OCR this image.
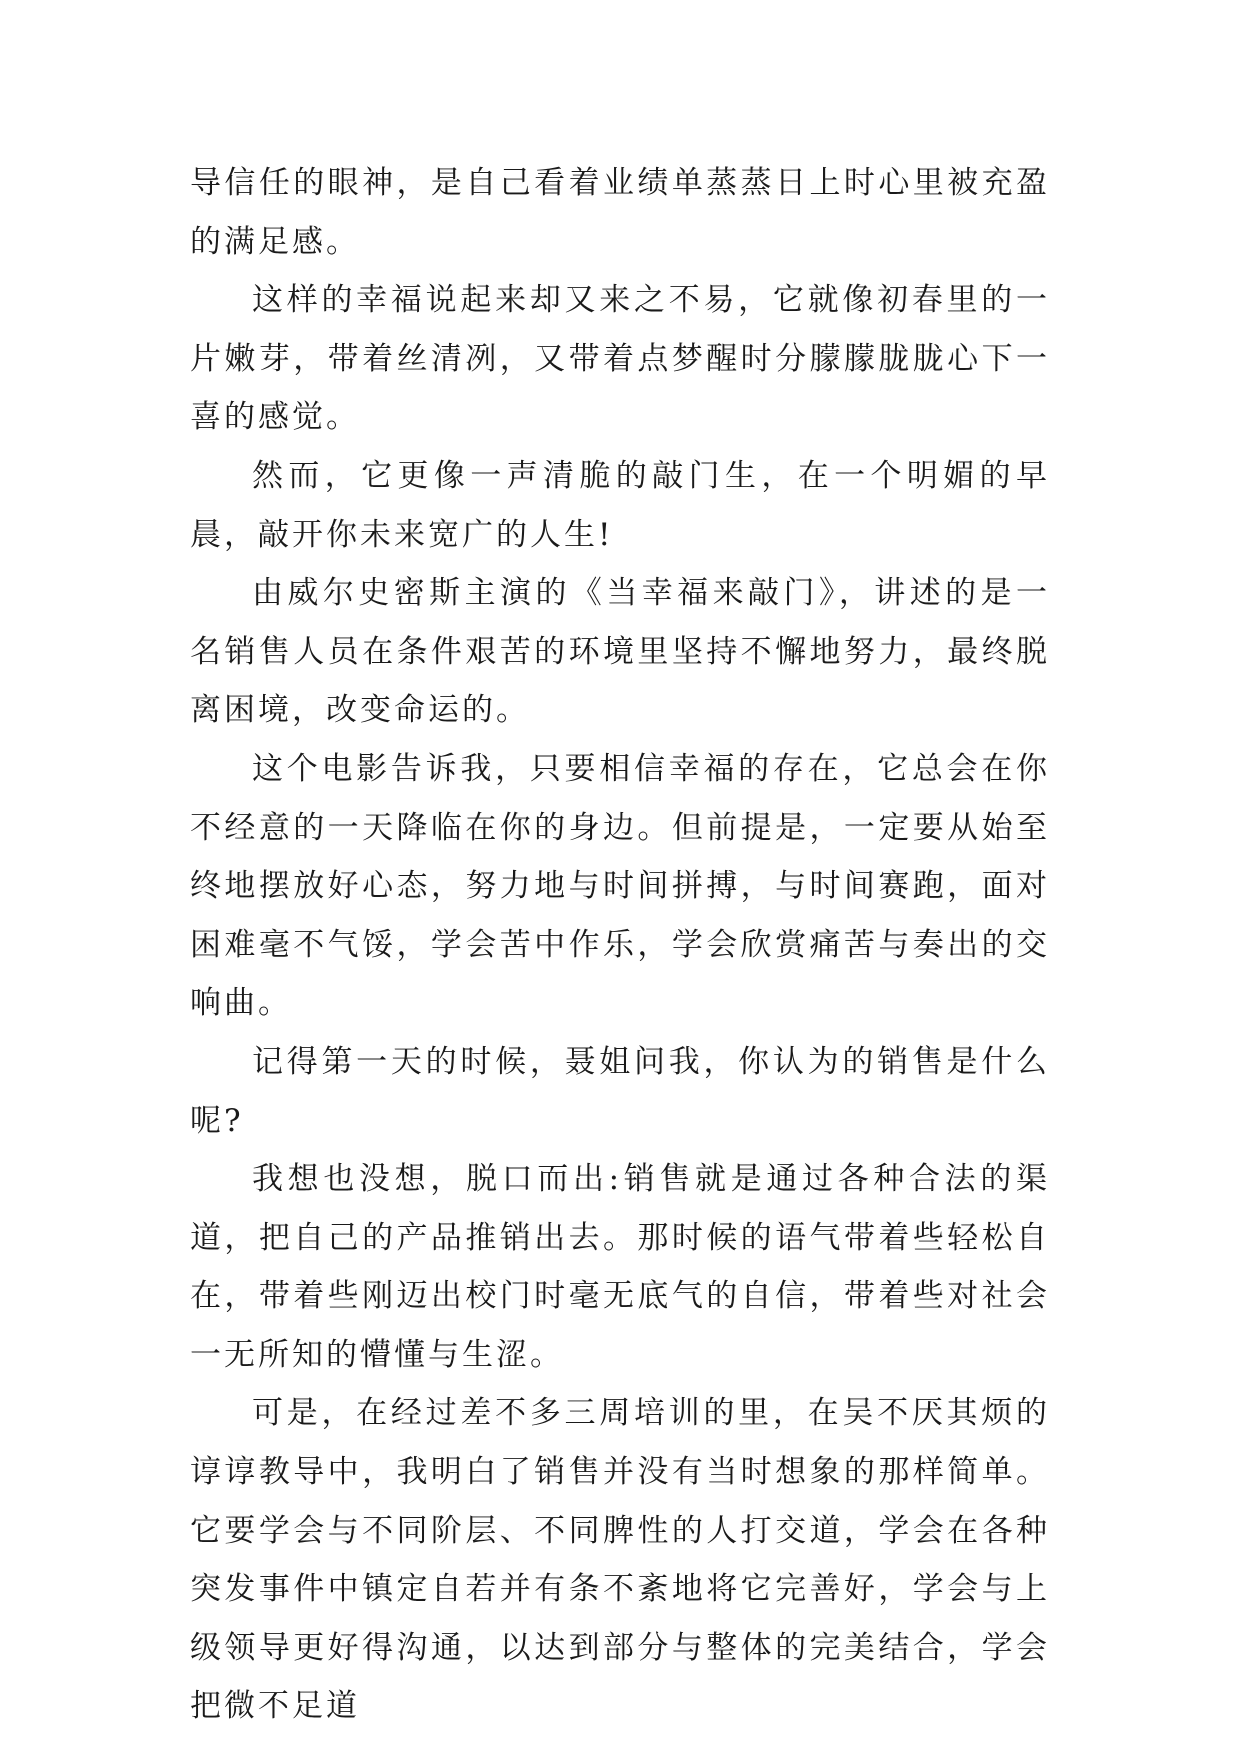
导信任的眼神，是自己看着业绩单蒸蒸日上时心里被充盈的满足感。

这样的幸福说起来却又来之不易，它就像初春里的一片嫩芽，带着丝清冽，又带着点梦醒时分朦朦胧胧心下一喜的感觉。

然而，它更像一声清脆的敲门生，在一个明媚的早晨，敲开你未来宽广的人生!

由威尔史密斯主演的《当幸福来敲门》，讲述的是一名销售人员在条件艰苦的环境里坚持不懈地努力，最终脱离困境，改变命运的。

这个电影告诉我，只要相信幸福的存在，它总会在你不经意的一天降临在你的身边。但前提是，一定要从始至终地摆放好心态，努力地与时间拼搏，与时间赛跑，面对困难毫不气馁，学会苦中作乐，学会欣赏痛苦与奏出的交响曲。

记得第一天的时候，聂姐问我，你认为的销售是什么呢?

我想也没想，脱口而出:销售就是通过各种合法的渠道，把自己的产品推销出去。那时候的语气带着些轻松自在，带着些刚迈出校门时毫无底气的自信，带着些对社会一无所知的懵懂与生涩。

可是，在经过差不多三周培训的里，在吴不厌其烦的谆谆教导中，我明白了销售并没有当时想象的那样简单。它要学会与不同阶层、不同脾性的人打交道，学会在各种突发事件中镇定自若并有条不紊地将它完善好，学会与上级领导更好得沟通，以达到部分与整体的完美结合，学会把微不足道
